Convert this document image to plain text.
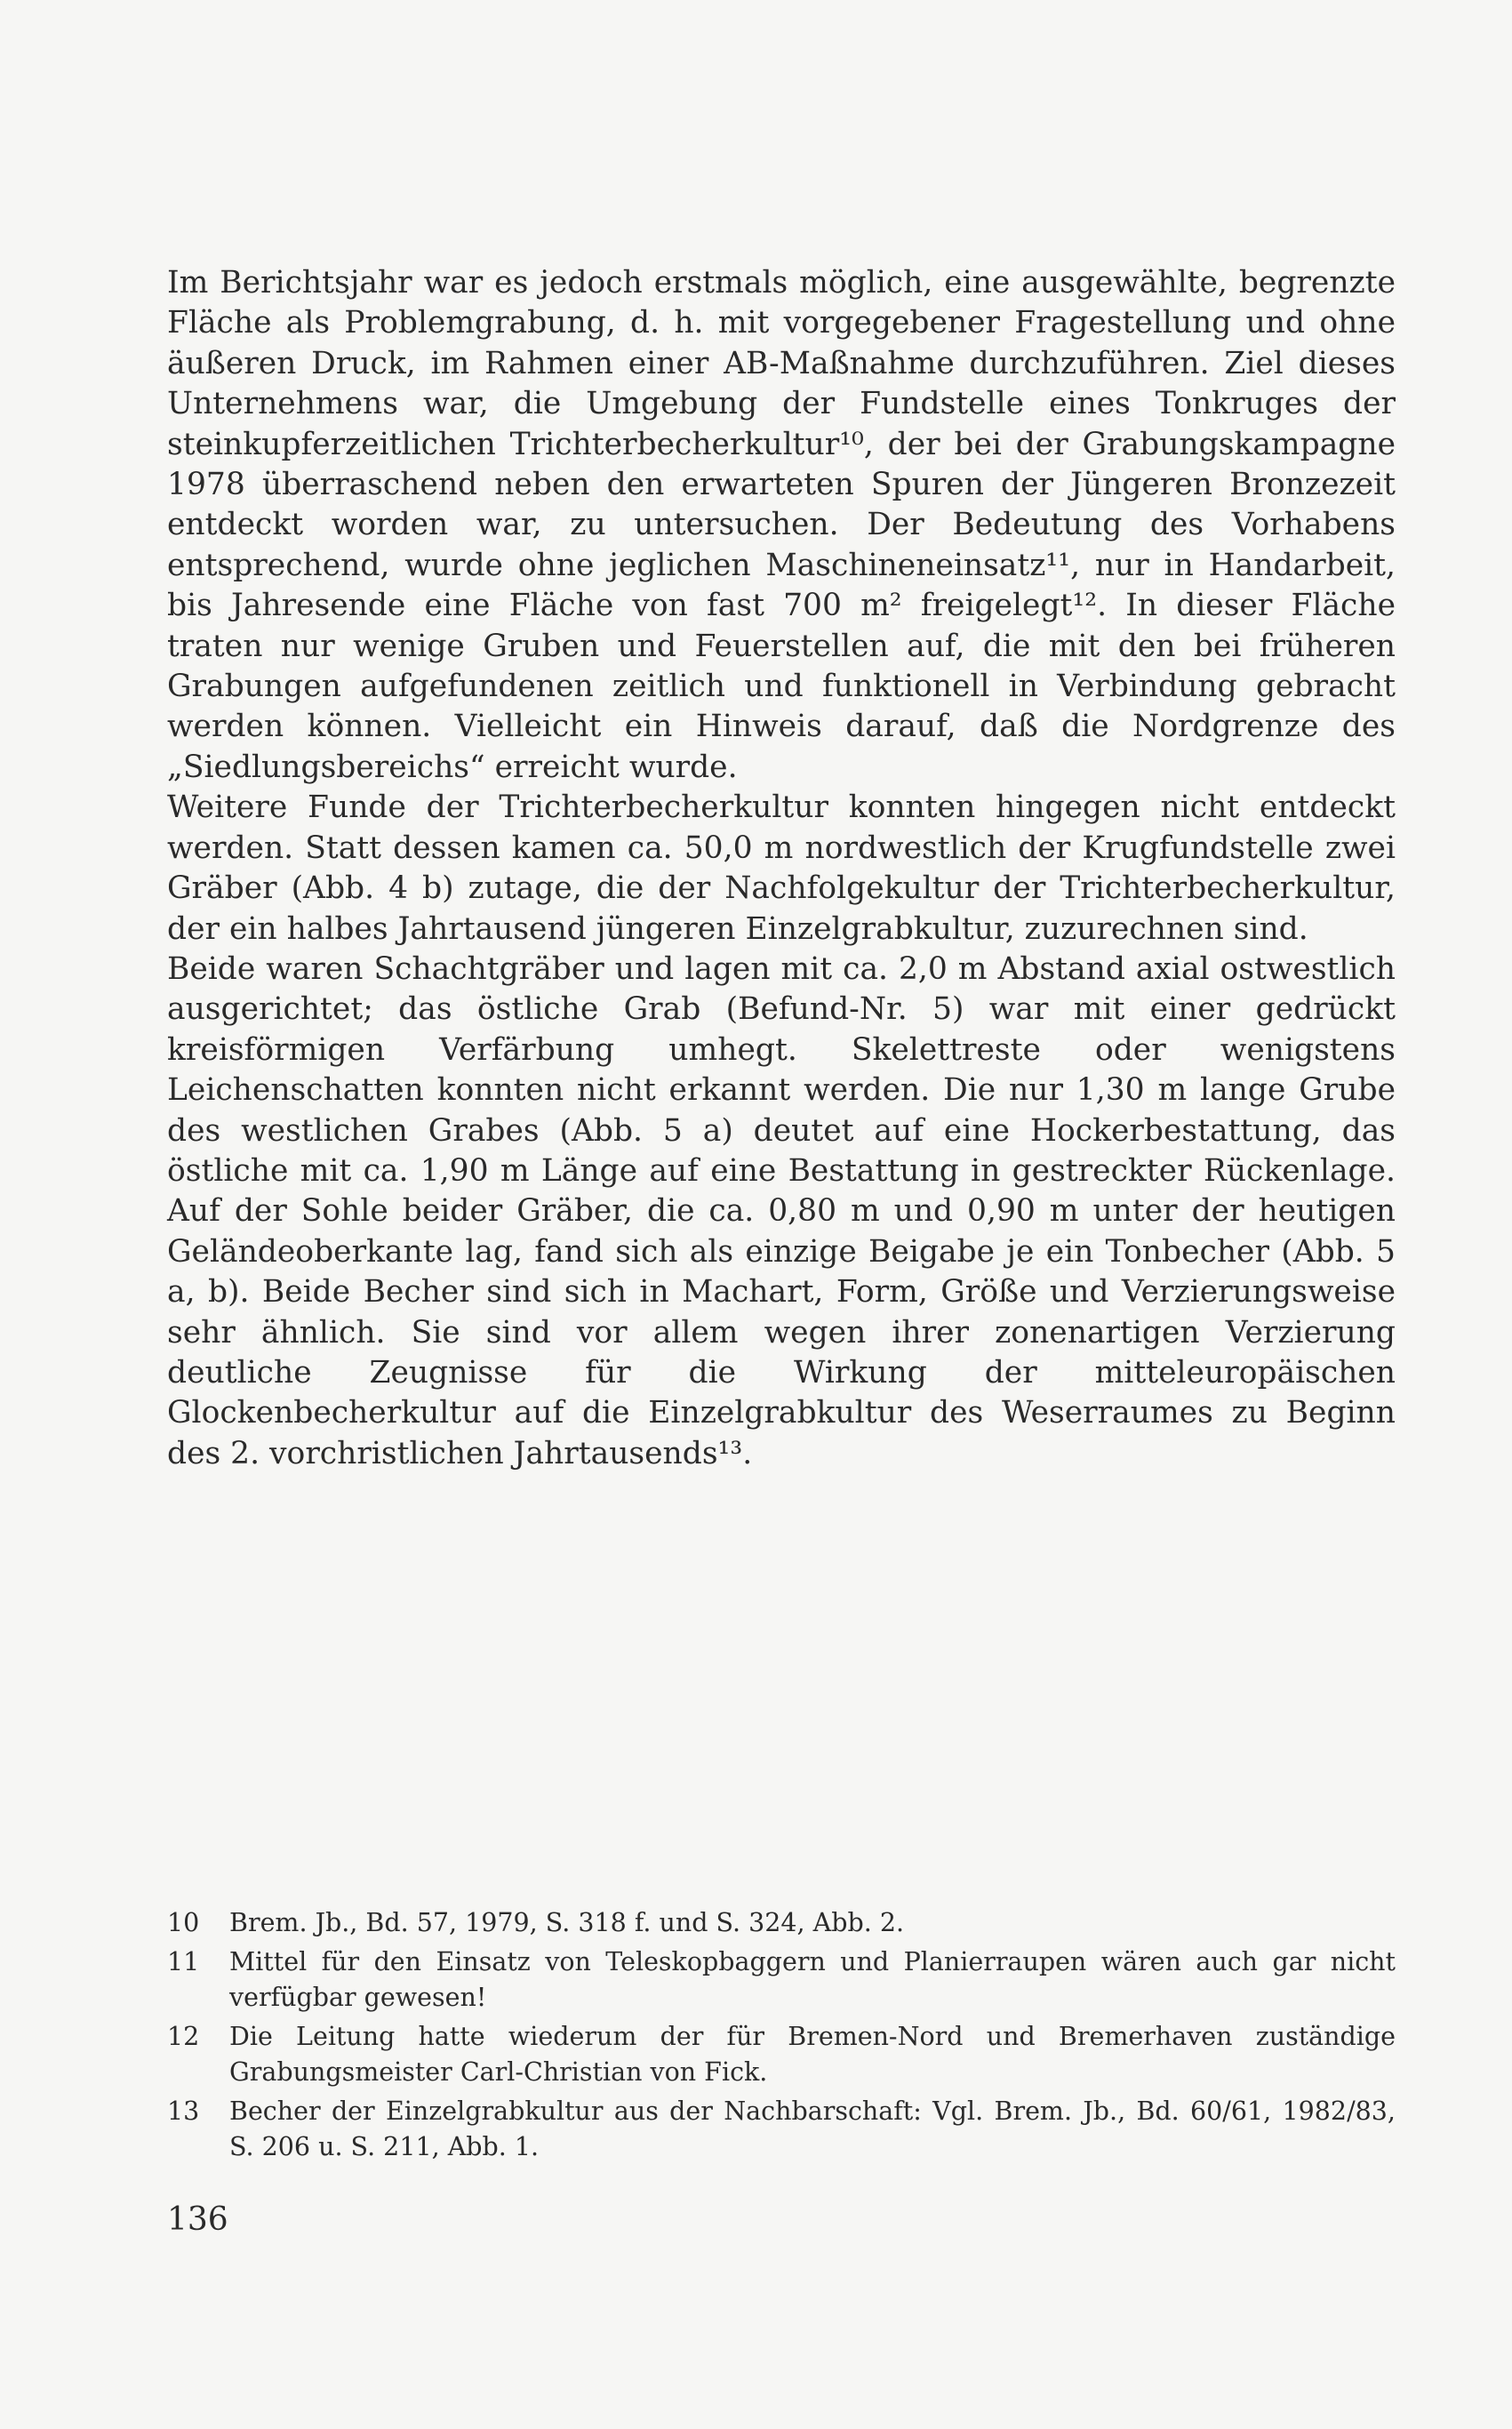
Im Berichtsjahr war es jedoch erstmals möglich, eine ausgewählte, begrenzte Fläche als Problemgrabung, d. h. mit vorgegebener Fragestellung und ohne äußeren Druck, im Rahmen einer AB-Maßnahme durchzuführen. Ziel dieses Unternehmens war, die Umgebung der Fundstelle eines Tonkruges der steinkupferzeitlichen Trichterbecherkultur¹⁰, der bei der Grabungskampagne 1978 überraschend neben den erwarteten Spuren der Jüngeren Bronzezeit entdeckt worden war, zu untersuchen. Der Bedeutung des Vorhabens entsprechend, wurde ohne jeglichen Maschineneinsatz¹¹, nur in Handarbeit, bis Jahresende eine Fläche von fast 700 m² freigelegt¹². In dieser Fläche traten nur wenige Gruben und Feuerstellen auf, die mit den bei früheren Grabungen aufgefundenen zeitlich und funktionell in Verbindung gebracht werden können. Vielleicht ein Hinweis darauf, daß die Nordgrenze des „Siedlungsbereichs“ erreicht wurde.

Weitere Funde der Trichterbecherkultur konnten hingegen nicht entdeckt werden. Statt dessen kamen ca. 50,0 m nordwestlich der Krugfundstelle zwei Gräber (Abb. 4 b) zutage, die der Nachfolgekultur der Trichterbecherkultur, der ein halbes Jahrtausend jüngeren Einzelgrabkultur, zuzurechnen sind.

Beide waren Schachtgräber und lagen mit ca. 2,0 m Abstand axial ostwestlich ausgerichtet; das östliche Grab (Befund-Nr. 5) war mit einer gedrückt kreisförmigen Verfärbung umhegt. Skelettreste oder wenigstens Leichenschatten konnten nicht erkannt werden. Die nur 1,30 m lange Grube des westlichen Grabes (Abb. 5 a) deutet auf eine Hockerbestattung, das östliche mit ca. 1,90 m Länge auf eine Bestattung in gestreckter Rückenlage. Auf der Sohle beider Gräber, die ca. 0,80 m und 0,90 m unter der heutigen Geländeoberkante lag, fand sich als einzige Beigabe je ein Tonbecher (Abb. 5 a, b). Beide Becher sind sich in Machart, Form, Größe und Verzierungsweise sehr ähnlich. Sie sind vor allem wegen ihrer zonenartigen Verzierung deutliche Zeugnisse für die Wirkung der mitteleuropäischen Glockenbecherkultur auf die Einzelgrabkultur des Weserraumes zu Beginn des 2. vorchristlichen Jahrtausends¹³.

10	Brem. Jb., Bd. 57, 1979, S. 318 f. und S. 324, Abb. 2.
11	Mittel für den Einsatz von Teleskopbaggern und Planierraupen wären auch gar nicht verfügbar gewesen!
12	Die Leitung hatte wiederum der für Bremen-Nord und Bremerhaven zuständige Grabungsmeister Carl-Christian von Fick.
13	Becher der Einzelgrabkultur aus der Nachbarschaft: Vgl. Brem. Jb., Bd. 60/61, 1982/83, S. 206 u. S. 211, Abb. 1.
136
